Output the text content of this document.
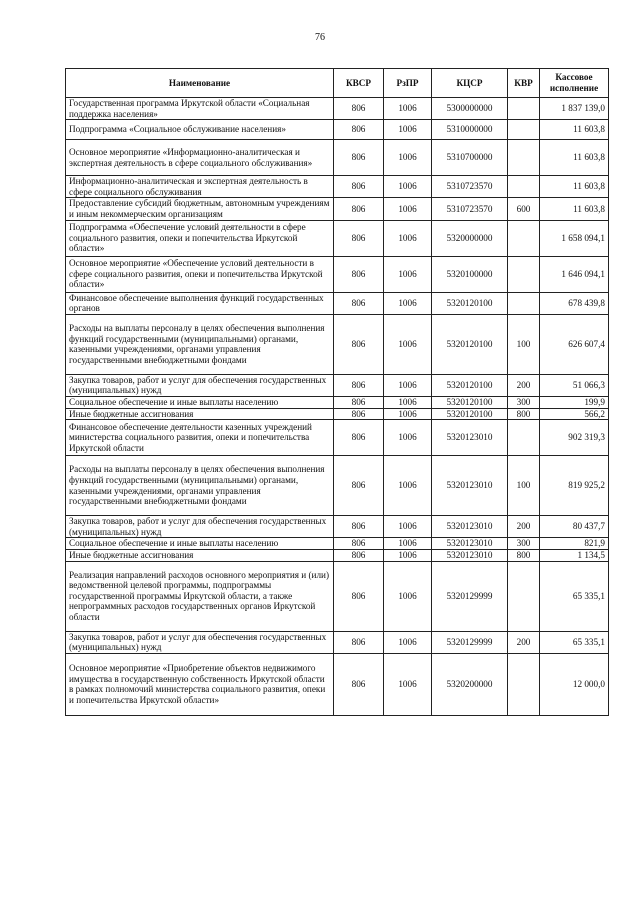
76
Наименование	КВСР	РзПР	КЦСР	КВР	Кассовое исполнение
Государственная программа Иркутской области «Социальная поддержка населения»	806	1006	5300000000		1 837 139,0
Подпрограмма «Социальное обслуживание населения»	806	1006	5310000000		11 603,8
Основное мероприятие «Информационно-аналитическая и экспертная деятельность в сфере социального обслуживания»	806	1006	5310700000		11 603,8
Информационно-аналитическая и экспертная деятельность в сфере социального обслуживания	806	1006	5310723570		11 603,8
Предоставление субсидий бюджетным, автономным учреждениям и иным некоммерческим организациям	806	1006	5310723570	600	11 603,8
Подпрограмма «Обеспечение условий деятельности в сфере социального развития, опеки и попечительства Иркутской области»	806	1006	5320000000		1 658 094,1
Основное мероприятие «Обеспечение условий деятельности в сфере социального развития, опеки и попечительства Иркутской области»	806	1006	5320100000		1 646 094,1
Финансовое обеспечение выполнения функций государственных органов	806	1006	5320120100		678 439,8
Расходы на выплаты персоналу в целях обеспечения выполнения функций государственными (муниципальными) органами, казенными учреждениями, органами управления государственными внебюджетными фондами	806	1006	5320120100	100	626 607,4
Закупка товаров, работ и услуг для обеспечения государственных (муниципальных) нужд	806	1006	5320120100	200	51 066,3
Социальное обеспечение и иные выплаты населению	806	1006	5320120100	300	199,9
Иные бюджетные ассигнования	806	1006	5320120100	800	566,2
Финансовое обеспечение деятельности казенных учреждений министерства социального развития, опеки и попечительства Иркутской области	806	1006	5320123010		902 319,3
Расходы на выплаты персоналу в целях обеспечения выполнения функций государственными (муниципальными) органами, казенными учреждениями, органами управления государственными внебюджетными фондами	806	1006	5320123010	100	819 925,2
Закупка товаров, работ и услуг для обеспечения государственных (муниципальных) нужд	806	1006	5320123010	200	80 437,7
Социальное обеспечение и иные выплаты населению	806	1006	5320123010	300	821,9
Иные бюджетные ассигнования	806	1006	5320123010	800	1 134,5
Реализация направлений расходов основного мероприятия и (или) ведомственной целевой программы, подпрограммы государственной программы Иркутской области, а также непрограммных расходов государственных органов Иркутской области	806	1006	5320129999		65 335,1
Закупка товаров, работ и услуг для обеспечения государственных (муниципальных) нужд	806	1006	5320129999	200	65 335,1
Основное мероприятие «Приобретение объектов недвижимого имущества в государственную собственность Иркутской области в рамках полномочий министерства социального развития, опеки и попечительства Иркутской области»	806	1006	5320200000		12 000,0
